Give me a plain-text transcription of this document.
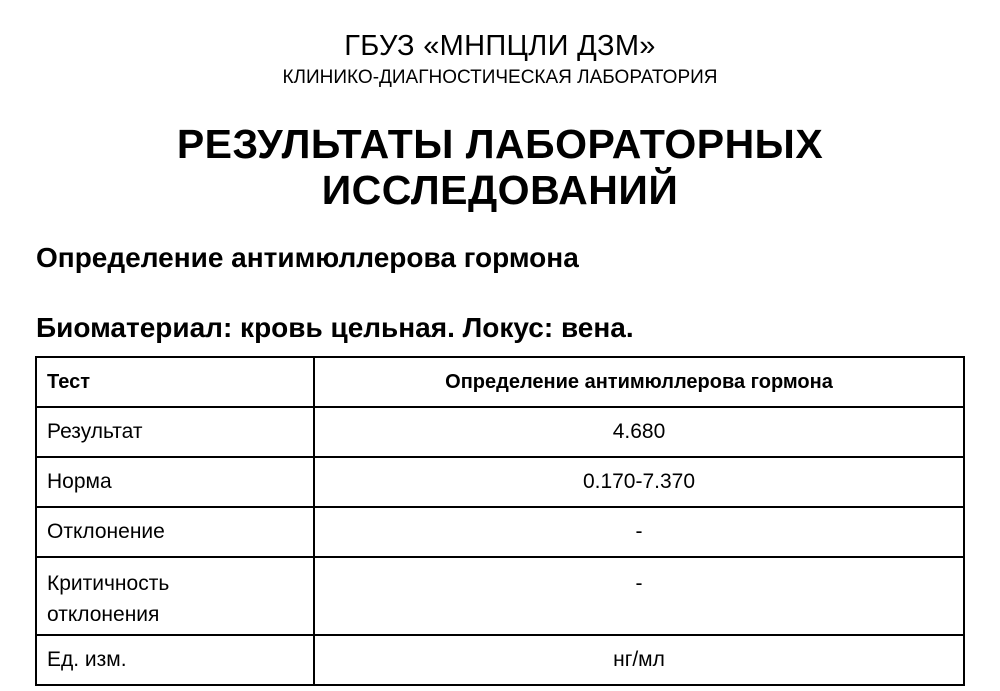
ГБУЗ «МНПЦЛИ ДЗМ»
КЛИНИКО-ДИАГНОСТИЧЕСКАЯ ЛАБОРАТОРИЯ
РЕЗУЛЬТАТЫ ЛАБОРАТОРНЫХ
ИССЛЕДОВАНИЙ
Определение антимюллерова гормона
Биоматериал: кровь цельная. Локус: вена.
Тест	Определение антимюллерова гормона
Результат	4.680
Норма	0.170-7.370
Отклонение	-

Критичность
отклонения	-
Ед. изм.	нг/мл
